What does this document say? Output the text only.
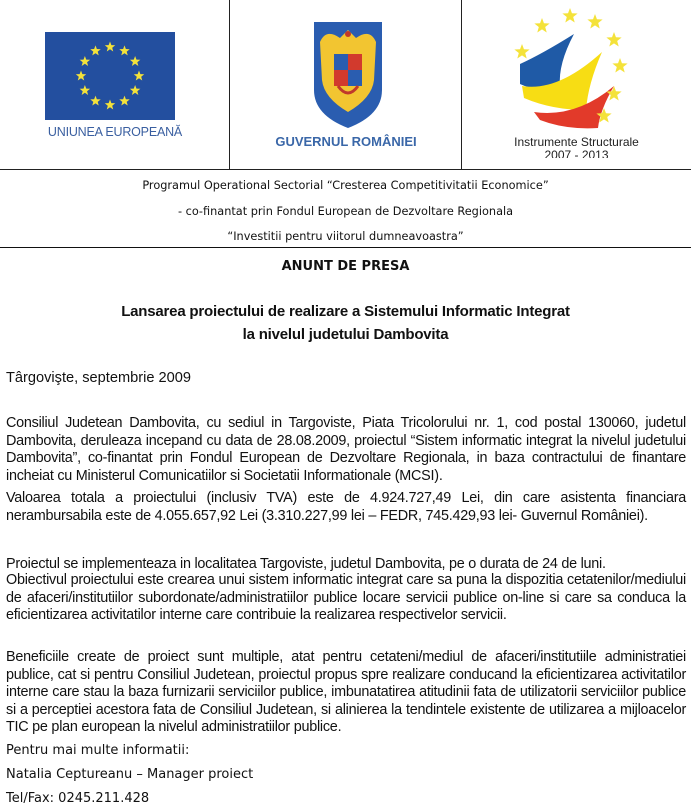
UNIUNEA EUROPEANĂ
GUVERNUL ROMÂNIEI	Instrumente Structurale
2007 - 2013
Programul Operational Sectorial “Cresterea Competitivitatii Economice”
- co-finantat prin Fondul European de Dezvoltare Regionala
“Investitii pentru viitorul dumneavoastra”
ANUNT DE PRESA
Lansarea proiectului de realizare a Sistemului Informatic Integrat
la nivelul judetului Dambovita
Târgovişte, septembrie 2009
Consiliul Judetean Dambovita, cu sediul in Targoviste, Piata Tricolorului nr. 1, cod postal 130060, judetul Dambovita, deruleaza incepand cu data de 28.08.2009, proiectul “Sistem informatic integrat la nivelul judetului Dambovita”, co-finantat prin Fondul European de Dezvoltare Regionala, in baza contractului de finantare incheiat cu Ministerul Comunicatiilor si Societatii Informationale (MCSI).
Valoarea totala a proiectului (inclusiv TVA) este de 4.924.727,49 Lei, din care asistenta financiara nerambursabila este de 4.055.657,92 Lei (3.310.227,99 lei – FEDR, 745.429,93 lei- Guvernul României).
Proiectul se implementeaza in localitatea Targoviste, judetul Dambovita, pe o durata de 24 de luni.
Obiectivul proiectului este crearea unui sistem informatic integrat care sa puna la dispozitia cetatenilor/mediului de afaceri/institutiilor subordonate/administratiilor publice locare servicii publice on-line si care sa conduca la eficientizarea activitatilor interne care contribuie la realizarea respectivelor servicii.
Beneficiile create de proiect sunt multiple, atat pentru cetateni/mediul de afaceri/institutiile administratiei publice, cat si pentru Consiliul Judetean, proiectul propus spre realizare conducand la eficientizarea activitatilor interne care stau la baza furnizarii serviciilor publice, imbunatatirea atitudinii fata de utilizatorii serviciilor publice si a perceptiei acestora fata de Consiliul Judetean, si alinierea la tendintele existente de utilizarea a mijloacelor TIC pe plan european la nivelul administratiilor publice.
Pentru mai multe informatii:
Natalia Ceptureanu – Manager proiect
Tel/Fax: 0245.211.428
